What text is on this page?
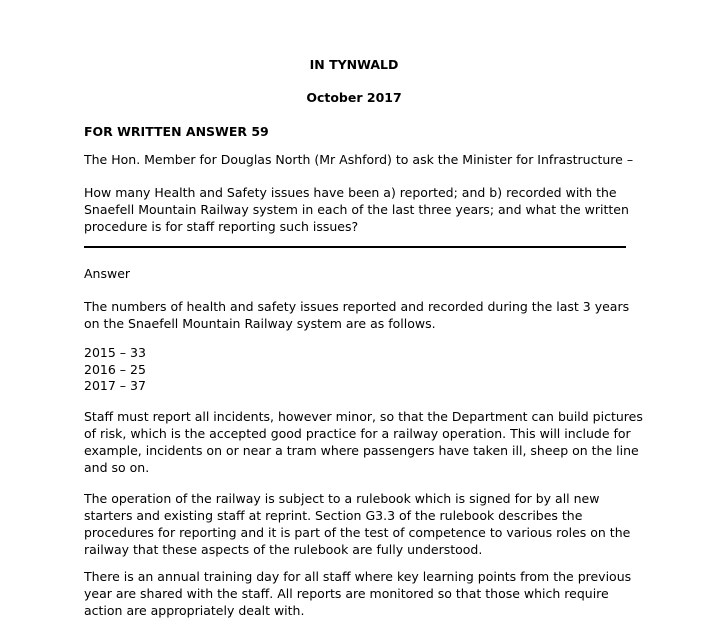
IN TYNWALD
October 2017
FOR WRITTEN ANSWER 59

The Hon. Member for Douglas North (Mr Ashford) to ask the Minister for Infrastructure –

How many Health and Safety issues have been a) reported; and b) recorded with the Snaefell Mountain Railway system in each of the last three years; and what the written procedure is for staff reporting such issues?

Answer

The numbers of health and safety issues reported and recorded during the last 3 years on the Snaefell Mountain Railway system are as follows.

2015 – 33
2016 – 25
2017 – 37

Staff must report all incidents, however minor, so that the Department can build pictures of risk, which is the accepted good practice for a railway operation. This will include for example, incidents on or near a tram where passengers have taken ill, sheep on the line and so on.

The operation of the railway is subject to a rulebook which is signed for by all new starters and existing staff at reprint. Section G3.3 of the rulebook describes the procedures for reporting and it is part of the test of competence to various roles on the railway that these aspects of the rulebook are fully understood.

There is an annual training day for all staff where key learning points from the previous year are shared with the staff. All reports are monitored so that those which require action are appropriately dealt with.
